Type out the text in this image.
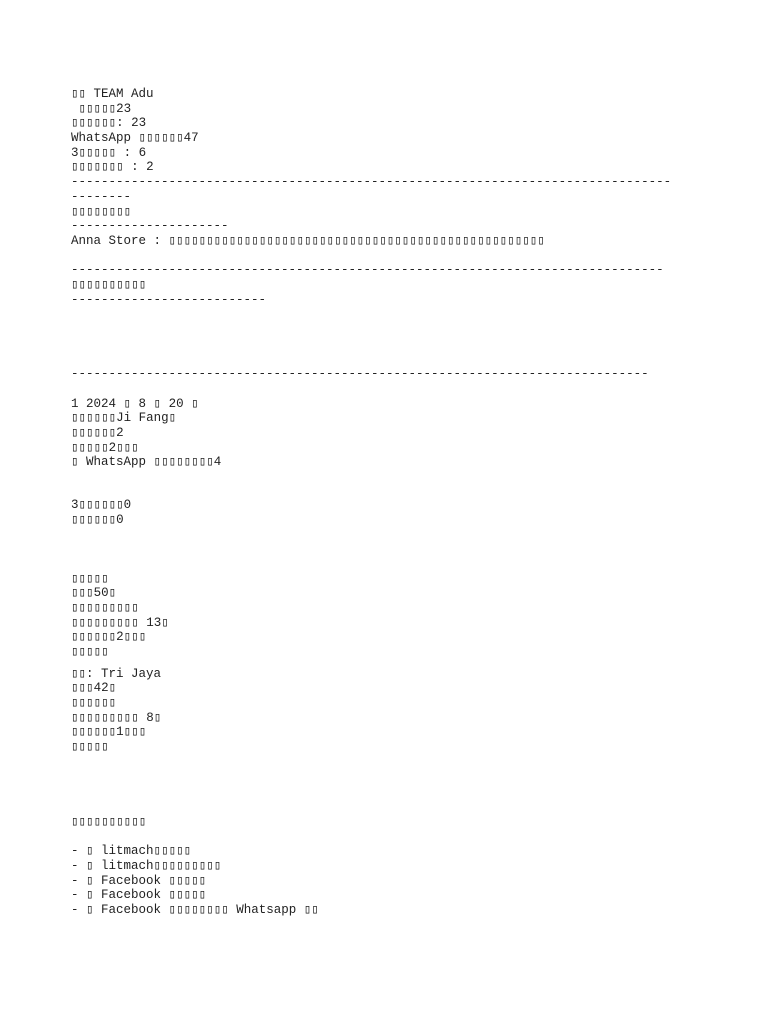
▯▯ TEAM Adu
▯▯▯▯▯23
▯▯▯▯▯▯: 23
WhatsApp ▯▯▯▯▯▯47
3▯▯▯▯▯ : 6
▯▯▯▯▯▯▯ : 2
--------------------------------------------------------------------------------
--------
▯▯▯▯▯▯▯▯
---------------------
Anna Store : ▯▯▯▯▯▯▯▯▯▯▯▯▯▯▯▯▯▯▯▯▯▯▯▯▯▯▯▯▯▯▯▯▯▯▯▯▯▯▯▯▯▯▯▯▯▯▯▯▯▯
-------------------------------------------------------------------------------
▯▯▯▯▯▯▯▯▯▯
--------------------------
-----------------------------------------------------------------------------
1 2024 ▯ 8 ▯ 20 ▯
▯▯▯▯▯▯Ji Fang▯
▯▯▯▯▯▯2
▯▯▯▯▯2▯▯▯
▯ WhatsApp ▯▯▯▯▯▯▯▯4
3▯▯▯▯▯▯0
▯▯▯▯▯▯0
▯▯▯▯▯
▯▯▯50▯
▯▯▯▯▯▯▯▯▯
▯▯▯▯▯▯▯▯▯ 13▯
▯▯▯▯▯▯2▯▯▯
▯▯▯▯▯
▯▯: Tri Jaya
▯▯▯42▯
▯▯▯▯▯▯
▯▯▯▯▯▯▯▯▯ 8▯
▯▯▯▯▯▯1▯▯▯
▯▯▯▯▯
▯▯▯▯▯▯▯▯▯▯
- ▯ litmach▯▯▯▯▯
- ▯ litmach▯▯▯▯▯▯▯▯▯
- ▯ Facebook ▯▯▯▯▯
- ▯ Facebook ▯▯▯▯▯
- ▯ Facebook ▯▯▯▯▯▯▯▯ Whatsapp ▯▯
